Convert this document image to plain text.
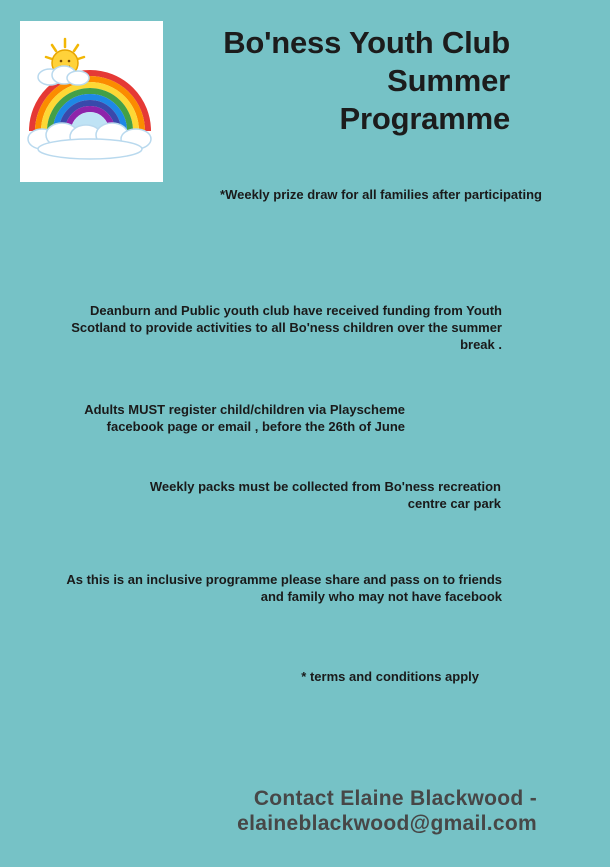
Bo'ness Youth Club
Summer
Programme
*Weekly prize draw for all families after participating
Deanburn and Public youth club have received funding from Youth Scotland to provide activities to all Bo'ness children over the summer break .
Adults MUST register child/children via Playscheme
facebook page or email , before the 26th of June
Weekly packs must be collected from Bo'ness recreation
centre car park
As this is an inclusive programme please share and pass on to friends
and family who may not have facebook
* terms and conditions apply
Contact Elaine Blackwood -
elaineblackwood@gmail.com
